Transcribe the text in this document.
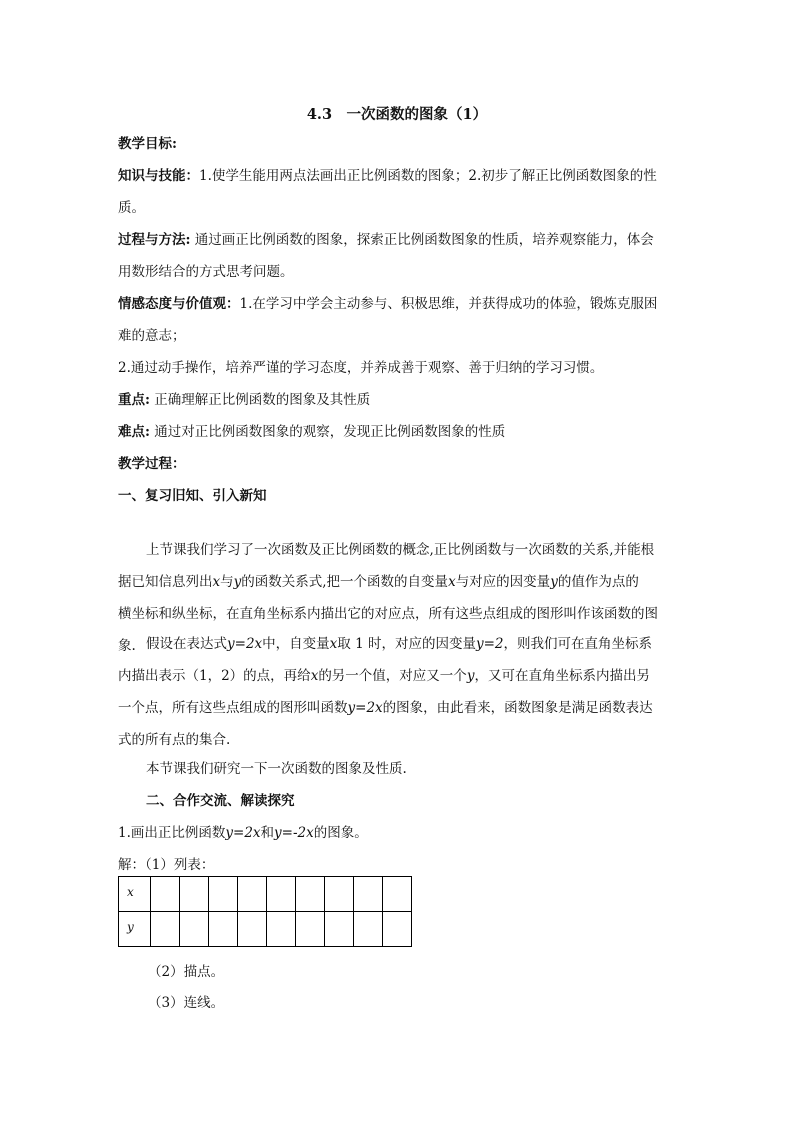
4.3　一次函数的图象（1）
教学目标:
知识与技能：1.使学生能用两点法画出正比例函数的图象；2.初步了解正比例函数图象的性
质。
过程与方法: 通过画正比例函数的图象，探索正比例函数图象的性质，培养观察能力，体会
用数形结合的方式思考问题。
情感态度与价值观：1.在学习中学会主动参与、积极思维，并获得成功的体验，锻炼克服困
难的意志；
2.通过动手操作，培养严谨的学习态度，并养成善于观察、善于归纳的学习习惯。
重点: 正确理解正比例函数的图象及其性质
难点: 通过对正比例函数图象的观察，发现正比例函数图象的性质
教学过程：
一、复习旧知、引入新知
上节课我们学习了一次函数及正比例函数的概念,正比例函数与一次函数的关系,并能根
据已知信息列出x与y的函数关系式,把一个函数的自变量x与对应的因变量y的值作为点的
横坐标和纵坐标，在直角坐标系内描出它的对应点，所有这些点组成的图形叫作该函数的图
象. 假设在表达式y=2x中，自变量x取 1 时，对应的因变量y=2，则我们可在直角坐标系
内描出表示（1，2）的点，再给x的另一个值，对应又一个y，又可在直角坐标系内描出另
一个点，所有这些点组成的图形叫函数y=2x的图象，由此看来，函数图象是满足函数表达
式的所有点的集合.
本节课我们研究一下一次函数的图象及性质.
二、合作交流、解读探究
1.画出正比例函数y=2x和y=-2x的图象。
解：（1）列表：
x									
y									
（2）描点。
（3）连线。
